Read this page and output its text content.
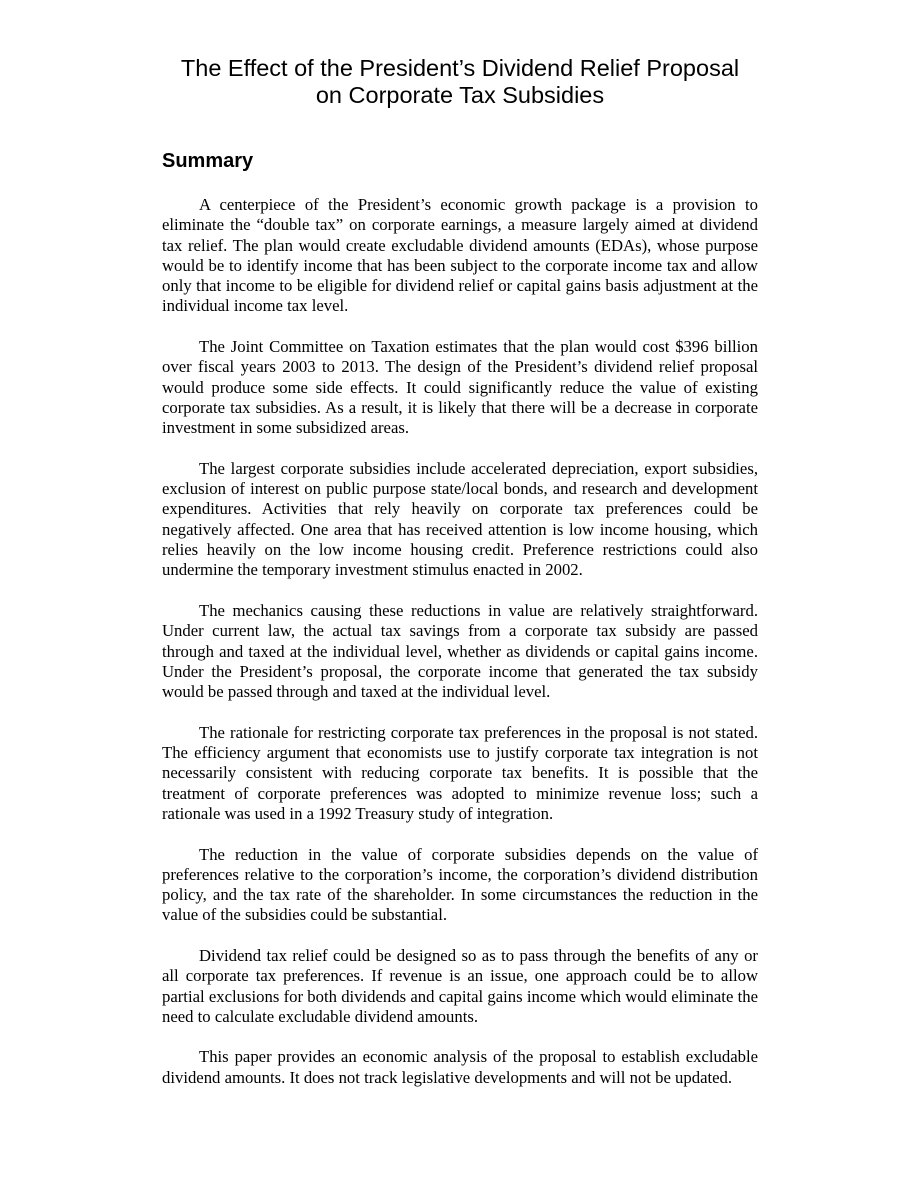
The Effect of the President’s Dividend Relief Proposal
on Corporate Tax Subsidies
Summary

A centerpiece of the President’s economic growth package is a provision to eliminate the “double tax” on corporate earnings, a measure largely aimed at dividend tax relief. The plan would create excludable dividend amounts (EDAs), whose purpose would be to identify income that has been subject to the corporate income tax and allow only that income to be eligible for dividend relief or capital gains basis adjustment at the individual income tax level.

The Joint Committee on Taxation estimates that the plan would cost $396 billion over fiscal years 2003 to 2013. The design of the President’s dividend relief proposal would produce some side effects. It could significantly reduce the value of existing corporate tax subsidies. As a result, it is likely that there will be a decrease in corporate investment in some subsidized areas.

The largest corporate subsidies include accelerated depreciation, export subsidies, exclusion of interest on public purpose state/local bonds, and research and development expenditures. Activities that rely heavily on corporate tax preferences could be negatively affected. One area that has received attention is low income housing, which relies heavily on the low income housing credit. Preference restrictions could also undermine the temporary investment stimulus enacted in 2002.

The mechanics causing these reductions in value are relatively straightforward. Under current law, the actual tax savings from a corporate tax subsidy are passed through and taxed at the individual level, whether as dividends or capital gains income. Under the President’s proposal, the corporate income that generated the tax subsidy would be passed through and taxed at the individual level.

The rationale for restricting corporate tax preferences in the proposal is not stated. The efficiency argument that economists use to justify corporate tax integration is not necessarily consistent with reducing corporate tax benefits. It is possible that the treatment of corporate preferences was adopted to minimize revenue loss; such a rationale was used in a 1992 Treasury study of integration.

The reduction in the value of corporate subsidies depends on the value of preferences relative to the corporation’s income, the corporation’s dividend distribution policy, and the tax rate of the shareholder. In some circumstances the reduction in the value of the subsidies could be substantial.

Dividend tax relief could be designed so as to pass through the benefits of any or all corporate tax preferences. If revenue is an issue, one approach could be to allow partial exclusions for both dividends and capital gains income which would eliminate the need to calculate excludable dividend amounts.

This paper provides an economic analysis of the proposal to establish excludable dividend amounts. It does not track legislative developments and will not be updated.
